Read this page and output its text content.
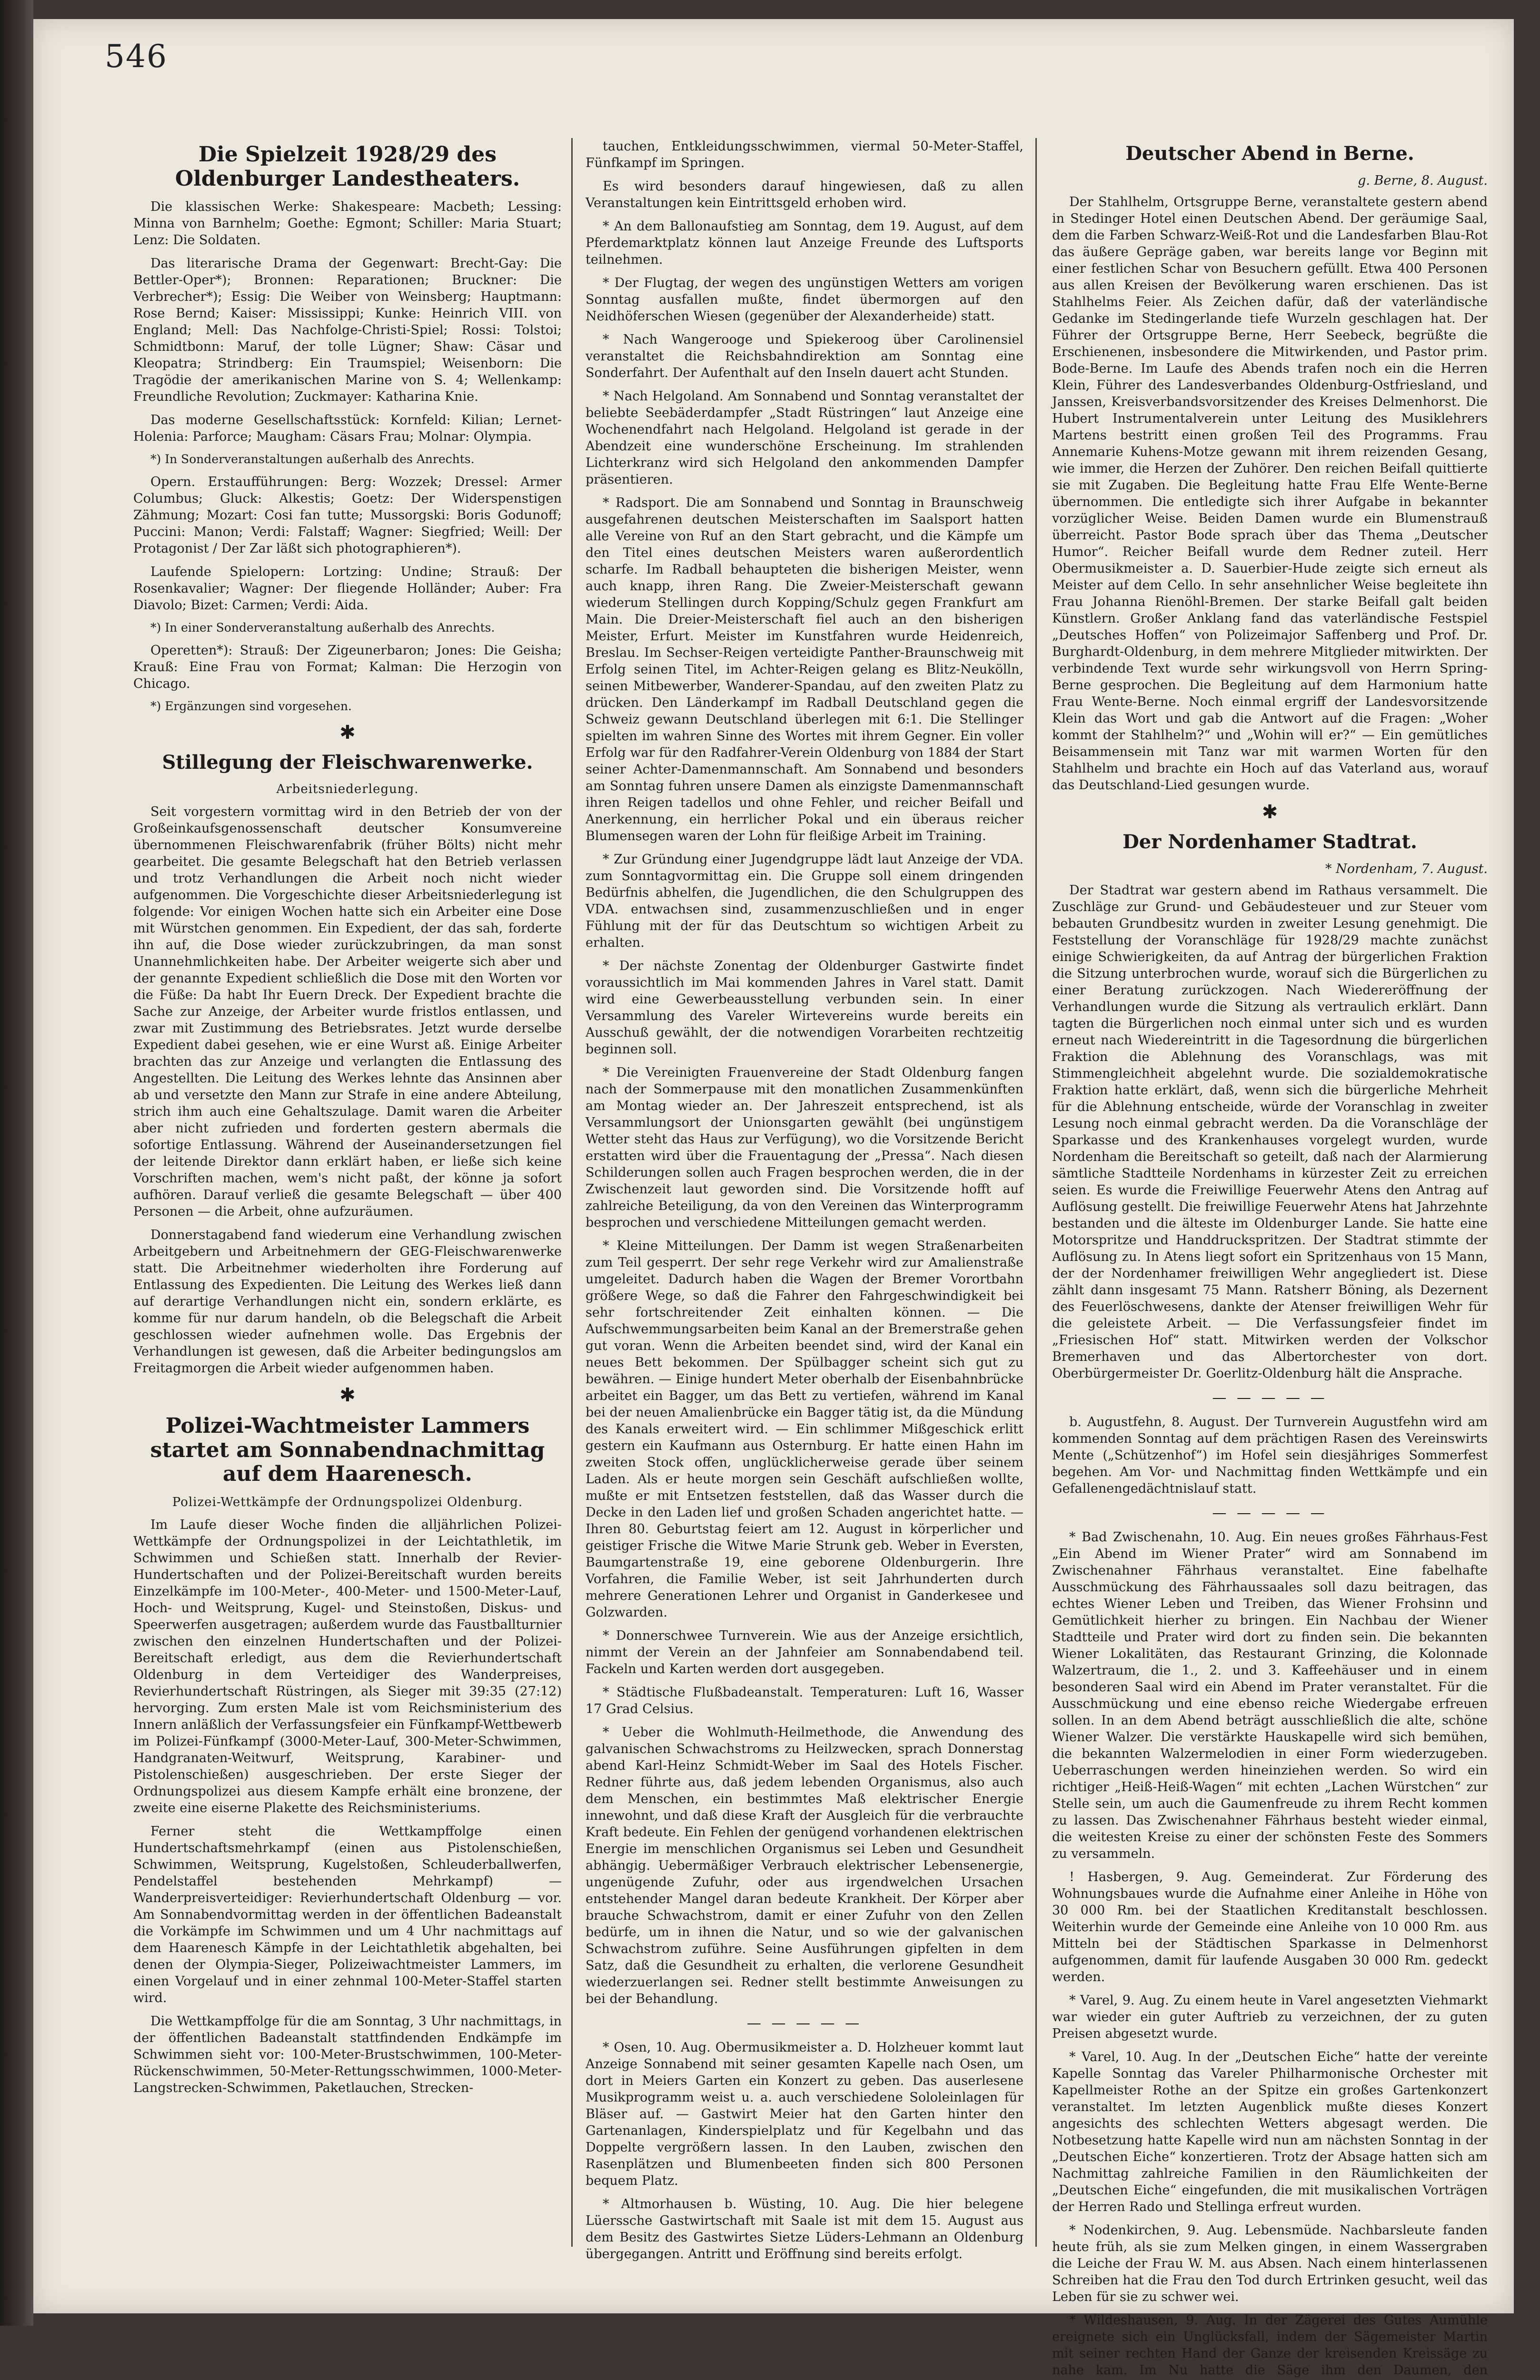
546
Die Spielzeit 1928/29 des Oldenburger Landestheaters.

Die klassischen Werke: Shakespeare: Macbeth; Lessing: Minna von Barnhelm; Goethe: Egmont; Schiller: Maria Stuart; Lenz: Die Soldaten.

Das literarische Drama der Gegenwart: Brecht-Gay: Die Bettler-Oper*); Bronnen: Reparationen; Bruckner: Die Verbrecher*); Essig: Die Weiber von Weinsberg; Hauptmann: Rose Bernd; Kaiser: Mississippi; Kunke: Heinrich VIII. von England; Mell: Das Nachfolge-Christi-Spiel; Rossi: Tolstoi; Schmidtbonn: Maruf, der tolle Lügner; Shaw: Cäsar und Kleopatra; Strindberg: Ein Traumspiel; Weisenborn: Die Tragödie der amerikanischen Marine von S. 4; Wellenkamp: Freundliche Revolution; Zuckmayer: Katharina Knie.

Das moderne Gesellschaftsstück: Kornfeld: Kilian; Lernet-Holenia: Parforce; Maugham: Cäsars Frau; Molnar: Olympia.

*) In Sonderveranstaltungen außerhalb des Anrechts.

Opern. Erstaufführungen: Berg: Wozzek; Dressel: Armer Columbus; Gluck: Alkestis; Goetz: Der Widerspenstigen Zähmung; Mozart: Cosi fan tutte; Mussorgski: Boris Godunoff; Puccini: Manon; Verdi: Falstaff; Wagner: Siegfried; Weill: Der Protagonist / Der Zar läßt sich photographieren*).

Laufende Spielopern: Lortzing: Undine; Strauß: Der Rosenkavalier; Wagner: Der fliegende Holländer; Auber: Fra Diavolo; Bizet: Carmen; Verdi: Aida.

*) In einer Sonderveranstaltung außerhalb des Anrechts.

Operetten*): Strauß: Der Zigeunerbaron; Jones: Die Geisha; Krauß: Eine Frau von Format; Kalman: Die Herzogin von Chicago.

*) Ergänzungen sind vorgesehen.

✱
Stillegung der Fleischwarenwerke.
Arbeitsniederlegung.

Seit vorgestern vormittag wird in den Betrieb der von der Großeinkaufsgenossenschaft deutscher Konsumvereine übernommenen Fleischwarenfabrik (früher Bölts) nicht mehr gearbeitet. Die gesamte Belegschaft hat den Betrieb verlassen und trotz Verhandlungen die Arbeit noch nicht wieder aufgenommen. Die Vorgeschichte dieser Arbeitsniederlegung ist folgende: Vor einigen Wochen hatte sich ein Arbeiter eine Dose mit Würstchen genommen. Ein Expedient, der das sah, forderte ihn auf, die Dose wieder zurückzubringen, da man sonst Unannehmlichkeiten habe. Der Arbeiter weigerte sich aber und der genannte Expedient schließlich die Dose mit den Worten vor die Füße: Da habt Ihr Euern Dreck. Der Expedient brachte die Sache zur Anzeige, der Arbeiter wurde fristlos entlassen, und zwar mit Zustimmung des Betriebsrates. Jetzt wurde derselbe Expedient dabei gesehen, wie er eine Wurst aß. Einige Arbeiter brachten das zur Anzeige und verlangten die Entlassung des Angestellten. Die Leitung des Werkes lehnte das Ansinnen aber ab und versetzte den Mann zur Strafe in eine andere Abteilung, strich ihm auch eine Gehaltszulage. Damit waren die Arbeiter aber nicht zufrieden und forderten gestern abermals die sofortige Entlassung. Während der Auseinandersetzungen fiel der leitende Direktor dann erklärt haben, er ließe sich keine Vorschriften machen, wem's nicht paßt, der könne ja sofort aufhören. Darauf verließ die gesamte Belegschaft — über 400 Personen — die Arbeit, ohne aufzuräumen.

Donnerstagabend fand wiederum eine Verhandlung zwischen Arbeitgebern und Arbeitnehmern der GEG-Fleischwarenwerke statt. Die Arbeitnehmer wiederholten ihre Forderung auf Entlassung des Expedienten. Die Leitung des Werkes ließ dann auf derartige Verhandlungen nicht ein, sondern erklärte, es komme für nur darum handeln, ob die Belegschaft die Arbeit geschlossen wieder aufnehmen wolle. Das Ergebnis der Verhandlungen ist gewesen, daß die Arbeiter bedingungslos am Freitagmorgen die Arbeit wieder aufgenommen haben.

✱
Polizei-Wachtmeister Lammers startet am Sonnabendnachmittag auf dem Haarenesch.
Polizei-Wettkämpfe der Ordnungspolizei Oldenburg.

Im Laufe dieser Woche finden die alljährlichen Polizei-Wettkämpfe der Ordnungspolizei in der Leichtathletik, im Schwimmen und Schießen statt. Innerhalb der Revier-Hundertschaften und der Polizei-Bereitschaft wurden bereits Einzelkämpfe im 100-Meter-, 400-Meter- und 1500-Meter-Lauf, Hoch- und Weitsprung, Kugel- und Steinstoßen, Diskus- und Speerwerfen ausgetragen; außerdem wurde das Faustballturnier zwischen den einzelnen Hundertschaften und der Polizei-Bereitschaft erledigt, aus dem die Revierhundertschaft Oldenburg in dem Verteidiger des Wanderpreises, Revierhundertschaft Rüstringen, als Sieger mit 39:35 (27:12) hervorging. Zum ersten Male ist vom Reichsministerium des Innern anläßlich der Verfassungsfeier ein Fünfkampf-Wettbewerb im Polizei-Fünfkampf (3000-Meter-Lauf, 300-Meter-Schwimmen, Handgranaten-Weitwurf, Weitsprung, Karabiner- und Pistolenschießen) ausgeschrieben. Der erste Sieger der Ordnungspolizei aus diesem Kampfe erhält eine bronzene, der zweite eine eiserne Plakette des Reichsministeriums.

Ferner steht die Wettkampffolge einen Hundertschaftsmehrkampf (einen aus Pistolenschießen, Schwimmen, Weitsprung, Kugelstoßen, Schleuderballwerfen, Pendelstaffel bestehenden Mehrkampf) — Wanderpreisverteidiger: Revierhundertschaft Oldenburg — vor. Am Sonnabendvormittag werden in der öffentlichen Badeanstalt die Vorkämpfe im Schwimmen und um 4 Uhr nachmittags auf dem Haarenesch Kämpfe in der Leichtathletik abgehalten, bei denen der Olympia-Sieger, Polizeiwachtmeister Lammers, im einen Vorgelauf und in einer zehnmal 100-Meter-Staffel starten wird.

Die Wettkampffolge für die am Sonntag, 3 Uhr nachmittags, in der öffentlichen Badeanstalt stattfindenden Endkämpfe im Schwimmen sieht vor: 100-Meter-Brustschwimmen, 100-Meter-Rückenschwimmen, 50-Meter-Rettungsschwimmen, 1000-Meter-Langstrecken-Schwimmen, Paketlauchen, Strecken-

tauchen, Entkleidungsschwimmen, viermal 50-Meter-Staffel, Fünfkampf im Springen.

Es wird besonders darauf hingewiesen, daß zu allen Veranstaltungen kein Eintrittsgeld erhoben wird.

* An dem Ballonaufstieg am Sonntag, dem 19. August, auf dem Pferdemarktplatz können laut Anzeige Freunde des Luftsports teilnehmen.

* Der Flugtag, der wegen des ungünstigen Wetters am vorigen Sonntag ausfallen mußte, findet übermorgen auf den Neidhöferschen Wiesen (gegenüber der Alexanderheide) statt.

* Nach Wangerooge und Spiekeroog über Carolinensiel veranstaltet die Reichsbahndirektion am Sonntag eine Sonderfahrt. Der Aufenthalt auf den Inseln dauert acht Stunden.

* Nach Helgoland. Am Sonnabend und Sonntag veranstaltet der beliebte Seebäderdampfer „Stadt Rüstringen“ laut Anzeige eine Wochenendfahrt nach Helgoland. Helgoland ist gerade in der Abendzeit eine wunderschöne Erscheinung. Im strahlenden Lichterkranz wird sich Helgoland den ankommenden Dampfer präsentieren.

* Radsport. Die am Sonnabend und Sonntag in Braunschweig ausgefahrenen deutschen Meisterschaften im Saalsport hatten alle Vereine von Ruf an den Start gebracht, und die Kämpfe um den Titel eines deutschen Meisters waren außerordentlich scharfe. Im Radball behaupteten die bisherigen Meister, wenn auch knapp, ihren Rang. Die Zweier-Meisterschaft gewann wiederum Stellingen durch Kopping/Schulz gegen Frankfurt am Main. Die Dreier-Meisterschaft fiel auch an den bisherigen Meister, Erfurt. Meister im Kunstfahren wurde Heidenreich, Breslau. Im Sechser-Reigen verteidigte Panther-Braunschweig mit Erfolg seinen Titel, im Achter-Reigen gelang es Blitz-Neukölln, seinen Mitbewerber, Wanderer-Spandau, auf den zweiten Platz zu drücken. Den Länderkampf im Radball Deutschland gegen die Schweiz gewann Deutschland überlegen mit 6:1. Die Stellinger spielten im wahren Sinne des Wortes mit ihrem Gegner. Ein voller Erfolg war für den Radfahrer-Verein Oldenburg von 1884 der Start seiner Achter-Damenmannschaft. Am Sonnabend und besonders am Sonntag fuhren unsere Damen als einzigste Damenmannschaft ihren Reigen tadellos und ohne Fehler, und reicher Beifall und Anerkennung, ein herrlicher Pokal und ein überaus reicher Blumensegen waren der Lohn für fleißige Arbeit im Training.

* Zur Gründung einer Jugendgruppe lädt laut Anzeige der VDA. zum Sonntagvormittag ein. Die Gruppe soll einem dringenden Bedürfnis abhelfen, die Jugendlichen, die den Schulgruppen des VDA. entwachsen sind, zusammenzuschließen und in enger Fühlung mit der für das Deutschtum so wichtigen Arbeit zu erhalten.

* Der nächste Zonentag der Oldenburger Gastwirte findet voraussichtlich im Mai kommenden Jahres in Varel statt. Damit wird eine Gewerbeausstellung verbunden sein. In einer Versammlung des Vareler Wirtevereins wurde bereits ein Ausschuß gewählt, der die notwendigen Vorarbeiten rechtzeitig beginnen soll.

* Die Vereinigten Frauenvereine der Stadt Oldenburg fangen nach der Sommerpause mit den monatlichen Zusammenkünften am Montag wieder an. Der Jahreszeit entsprechend, ist als Versammlungsort der Unionsgarten gewählt (bei ungünstigem Wetter steht das Haus zur Verfügung), wo die Vorsitzende Bericht erstatten wird über die Frauentagung der „Pressa“. Nach diesen Schilderungen sollen auch Fragen besprochen werden, die in der Zwischenzeit laut geworden sind. Die Vorsitzende hofft auf zahlreiche Beteiligung, da von den Vereinen das Winterprogramm besprochen und verschiedene Mitteilungen gemacht werden.

* Kleine Mitteilungen. Der Damm ist wegen Straßenarbeiten zum Teil gesperrt. Der sehr rege Verkehr wird zur Amalienstraße umgeleitet. Dadurch haben die Wagen der Bremer Vorortbahn größere Wege, so daß die Fahrer den Fahrgeschwindigkeit bei sehr fortschreitender Zeit einhalten können. — Die Aufschwemmungsarbeiten beim Kanal an der Bremerstraße gehen gut voran. Wenn die Arbeiten beendet sind, wird der Kanal ein neues Bett bekommen. Der Spülbagger scheint sich gut zu bewähren. — Einige hundert Meter oberhalb der Eisenbahnbrücke arbeitet ein Bagger, um das Bett zu vertiefen, während im Kanal bei der neuen Amalienbrücke ein Bagger tätig ist, da die Mündung des Kanals erweitert wird. — Ein schlimmer Mißgeschick erlitt gestern ein Kaufmann aus Osternburg. Er hatte einen Hahn im zweiten Stock offen, unglücklicherweise gerade über seinem Laden. Als er heute morgen sein Geschäft aufschließen wollte, mußte er mit Entsetzen feststellen, daß das Wasser durch die Decke in den Laden lief und großen Schaden angerichtet hatte. — Ihren 80. Geburtstag feiert am 12. August in körperlicher und geistiger Frische die Witwe Marie Strunk geb. Weber in Eversten, Baumgartenstraße 19, eine geborene Oldenburgerin. Ihre Vorfahren, die Familie Weber, ist seit Jahrhunderten durch mehrere Generationen Lehrer und Organist in Ganderkesee und Golzwarden.

* Donnerschwee Turnverein. Wie aus der Anzeige ersichtlich, nimmt der Verein an der Jahnfeier am Sonnabendabend teil. Fackeln und Karten werden dort ausgegeben.

* Städtische Flußbadeanstalt. Temperaturen: Luft 16, Wasser 17 Grad Celsius.

* Ueber die Wohlmuth-Heilmethode, die Anwendung des galvanischen Schwachstroms zu Heilzwecken, sprach Donnerstag abend Karl-Heinz Schmidt-Weber im Saal des Hotels Fischer. Redner führte aus, daß jedem lebenden Organismus, also auch dem Menschen, ein bestimmtes Maß elektrischer Energie innewohnt, und daß diese Kraft der Ausgleich für die verbrauchte Kraft bedeute. Ein Fehlen der genügend vorhandenen elektrischen Energie im menschlichen Organismus sei Leben und Gesundheit abhängig. Uebermäßiger Verbrauch elektrischer Lebensenergie, ungenügende Zufuhr, oder aus irgendwelchen Ursachen entstehender Mangel daran bedeute Krankheit. Der Körper aber brauche Schwachstrom, damit er einer Zufuhr von den Zellen bedürfe, um in ihnen die Natur, und so wie der galvanischen Schwachstrom zuführe. Seine Ausführungen gipfelten in dem Satz, daß die Gesundheit zu erhalten, die verlorene Gesundheit wiederzuerlangen sei. Redner stellt bestimmte Anweisungen zu bei der Behandlung.

— — — — —

* Osen, 10. Aug. Obermusikmeister a. D. Holzheuer kommt laut Anzeige Sonnabend mit seiner gesamten Kapelle nach Osen, um dort in Meiers Garten ein Konzert zu geben. Das auserlesene Musikprogramm weist u. a. auch verschiedene Sololeinlagen für Bläser auf. — Gastwirt Meier hat den Garten hinter den Gartenanlagen, Kinderspielplatz und für Kegelbahn und das Doppelte vergrößern lassen. In den Lauben, zwischen den Rasenplätzen und Blumenbeeten finden sich 800 Personen bequem Platz.

* Altmorhausen b. Wüsting, 10. Aug. Die hier belegene Lüerssche Gastwirtschaft mit Saale ist mit dem 15. August aus dem Besitz des Gastwirtes Sietze Lüders-Lehmann an Oldenburg übergegangen. Antritt und Eröffnung sind bereits erfolgt.

Deutscher Abend in Berne.
g. Berne, 8. August.

Der Stahlhelm, Ortsgruppe Berne, veranstaltete gestern abend in Stedinger Hotel einen Deutschen Abend. Der geräumige Saal, dem die Farben Schwarz-Weiß-Rot und die Landesfarben Blau-Rot das äußere Gepräge gaben, war bereits lange vor Beginn mit einer festlichen Schar von Besuchern gefüllt. Etwa 400 Personen aus allen Kreisen der Bevölkerung waren erschienen. Das ist Stahlhelms Feier. Als Zeichen dafür, daß der vaterländische Gedanke im Stedingerlande tiefe Wurzeln geschlagen hat. Der Führer der Ortsgruppe Berne, Herr Seebeck, begrüßte die Erschienenen, insbesondere die Mitwirkenden, und Pastor prim. Bode-Berne. Im Laufe des Abends trafen noch ein die Herren Klein, Führer des Landesverbandes Oldenburg-Ostfriesland, und Janssen, Kreisverbandsvorsitzender des Kreises Delmenhorst. Die Hubert Instrumentalverein unter Leitung des Musiklehrers Martens bestritt einen großen Teil des Programms. Frau Annemarie Kuhens-Motze gewann mit ihrem reizenden Gesang, wie immer, die Herzen der Zuhörer. Den reichen Beifall quittierte sie mit Zugaben. Die Begleitung hatte Frau Elfe Wente-Berne übernommen. Die entledigte sich ihrer Aufgabe in bekannter vorzüglicher Weise. Beiden Damen wurde ein Blumenstrauß überreicht. Pastor Bode sprach über das Thema „Deutscher Humor“. Reicher Beifall wurde dem Redner zuteil. Herr Obermusikmeister a. D. Sauerbier-Hude zeigte sich erneut als Meister auf dem Cello. In sehr ansehnlicher Weise begleitete ihn Frau Johanna Rienöhl-Bremen. Der starke Beifall galt beiden Künstlern. Großer Anklang fand das vaterländische Festspiel „Deutsches Hoffen“ von Polizeimajor Saffenberg und Prof. Dr. Burghardt-Oldenburg, in dem mehrere Mitglieder mitwirkten. Der verbindende Text wurde sehr wirkungsvoll von Herrn Spring-Berne gesprochen. Die Begleitung auf dem Harmonium hatte Frau Wente-Berne. Noch einmal ergriff der Landesvorsitzende Klein das Wort und gab die Antwort auf die Fragen: „Woher kommt der Stahlhelm?“ und „Wohin will er?“ — Ein gemütliches Beisammensein mit Tanz war mit warmen Worten für den Stahlhelm und brachte ein Hoch auf das Vaterland aus, worauf das Deutschland-Lied gesungen wurde.

✱
Der Nordenhamer Stadtrat.
* Nordenham, 7. August.

Der Stadtrat war gestern abend im Rathaus versammelt. Die Zuschläge zur Grund- und Gebäudesteuer und zur Steuer vom bebauten Grundbesitz wurden in zweiter Lesung genehmigt. Die Feststellung der Voranschläge für 1928/29 machte zunächst einige Schwierigkeiten, da auf Antrag der bürgerlichen Fraktion die Sitzung unterbrochen wurde, worauf sich die Bürgerlichen zu einer Beratung zurückzogen. Nach Wiedereröffnung der Verhandlungen wurde die Sitzung als vertraulich erklärt. Dann tagten die Bürgerlichen noch einmal unter sich und es wurden erneut nach Wiedereintritt in die Tagesordnung die bürgerlichen Fraktion die Ablehnung des Voranschlags, was mit Stimmengleichheit abgelehnt wurde. Die sozialdemokratische Fraktion hatte erklärt, daß, wenn sich die bürgerliche Mehrheit für die Ablehnung entscheide, würde der Voranschlag in zweiter Lesung noch einmal gebracht werden. Da die Voranschläge der Sparkasse und des Krankenhauses vorgelegt wurden, wurde Nordenham die Bereitschaft so geteilt, daß nach der Alarmierung sämtliche Stadtteile Nordenhams in kürzester Zeit zu erreichen seien. Es wurde die Freiwillige Feuerwehr Atens den Antrag auf Auflösung gestellt. Die freiwillige Feuerwehr Atens hat Jahrzehnte bestanden und die älteste im Oldenburger Lande. Sie hatte eine Motorspritze und Handdruckspritzen. Der Stadtrat stimmte der Auflösung zu. In Atens liegt sofort ein Spritzenhaus von 15 Mann, der der Nordenhamer freiwilligen Wehr angegliedert ist. Diese zählt dann insgesamt 75 Mann. Ratsherr Böning, als Dezernent des Feuerlöschwesens, dankte der Atenser freiwilligen Wehr für die geleistete Arbeit. — Die Verfassungsfeier findet im „Friesischen Hof“ statt. Mitwirken werden der Volkschor Bremerhaven und das Albertorchester von dort. Oberbürgermeister Dr. Goerlitz-Oldenburg hält die Ansprache.

— — — — —

b. Augustfehn, 8. August. Der Turnverein Augustfehn wird am kommenden Sonntag auf dem prächtigen Rasen des Vereinswirts Mente („Schützenhof“) im Hofel sein diesjähriges Sommerfest begehen. Am Vor- und Nachmittag finden Wettkämpfe und ein Gefallenengedächtnislauf statt.

— — — — —

* Bad Zwischenahn, 10. Aug. Ein neues großes Fährhaus-Fest „Ein Abend im Wiener Prater“ wird am Sonnabend im Zwischenahner Fährhaus veranstaltet. Eine fabelhafte Ausschmückung des Fährhaussaales soll dazu beitragen, das echtes Wiener Leben und Treiben, das Wiener Frohsinn und Gemütlichkeit hierher zu bringen. Ein Nachbau der Wiener Stadtteile und Prater wird dort zu finden sein. Die bekannten Wiener Lokalitäten, das Restaurant Grinzing, die Kolonnade Walzertraum, die 1., 2. und 3. Kaffeehäuser und in einem besonderen Saal wird ein Abend im Prater veranstaltet. Für die Ausschmückung und eine ebenso reiche Wiedergabe erfreuen sollen. In an dem Abend beträgt ausschließlich die alte, schöne Wiener Walzer. Die verstärkte Hauskapelle wird sich bemühen, die bekannten Walzermelodien in einer Form wiederzugeben. Ueberraschungen werden hineinziehen werden. So wird ein richtiger „Heiß-Heiß-Wagen“ mit echten „Lachen Würstchen“ zur Stelle sein, um auch die Gaumenfreude zu ihrem Recht kommen zu lassen. Das Zwischenahner Fährhaus besteht wieder einmal, die weitesten Kreise zu einer der schönsten Feste des Sommers zu versammeln.

! Hasbergen, 9. Aug. Gemeinderat. Zur Förderung des Wohnungsbaues wurde die Aufnahme einer Anleihe in Höhe von 30 000 Rm. bei der Staatlichen Kreditanstalt beschlossen. Weiterhin wurde der Gemeinde eine Anleihe von 10 000 Rm. aus Mitteln bei der Städtischen Sparkasse in Delmenhorst aufgenommen, damit für laufende Ausgaben 30 000 Rm. gedeckt werden.

* Varel, 9. Aug. Zu einem heute in Varel angesetzten Viehmarkt war wieder ein guter Auftrieb zu verzeichnen, der zu guten Preisen abgesetzt wurde.

* Varel, 10. Aug. In der „Deutschen Eiche“ hatte der vereinte Kapelle Sonntag das Vareler Philharmonische Orchester mit Kapellmeister Rothe an der Spitze ein großes Gartenkonzert veranstaltet. Im letzten Augenblick mußte dieses Konzert angesichts des schlechten Wetters abgesagt werden. Die Notbesetzung hatte Kapelle wird nun am nächsten Sonntag in der „Deutschen Eiche“ konzertieren. Trotz der Absage hatten sich am Nachmittag zahlreiche Familien in den Räumlichkeiten der „Deutschen Eiche“ eingefunden, die mit musikalischen Vorträgen der Herren Rado und Stellinga erfreut wurden.

* Nodenkirchen, 9. Aug. Lebensmüde. Nachbarsleute fanden heute früh, als sie zum Melken gingen, in einem Wassergraben die Leiche der Frau W. M. aus Absen. Nach einem hinterlassenen Schreiben hat die Frau den Tod durch Ertrinken gesucht, weil das Leben für sie zu schwer wei.

* Wildeshausen, 9. Aug. In der Zägerei des Gutes Aumühle ereignete sich ein Unglücksfall, indem der Sägemeister Martin mit seiner rechten Hand der Ganze der kreisenden Kreissäge zu nahe kam. Im Nu hatte die Säge ihm den Daumen, den
